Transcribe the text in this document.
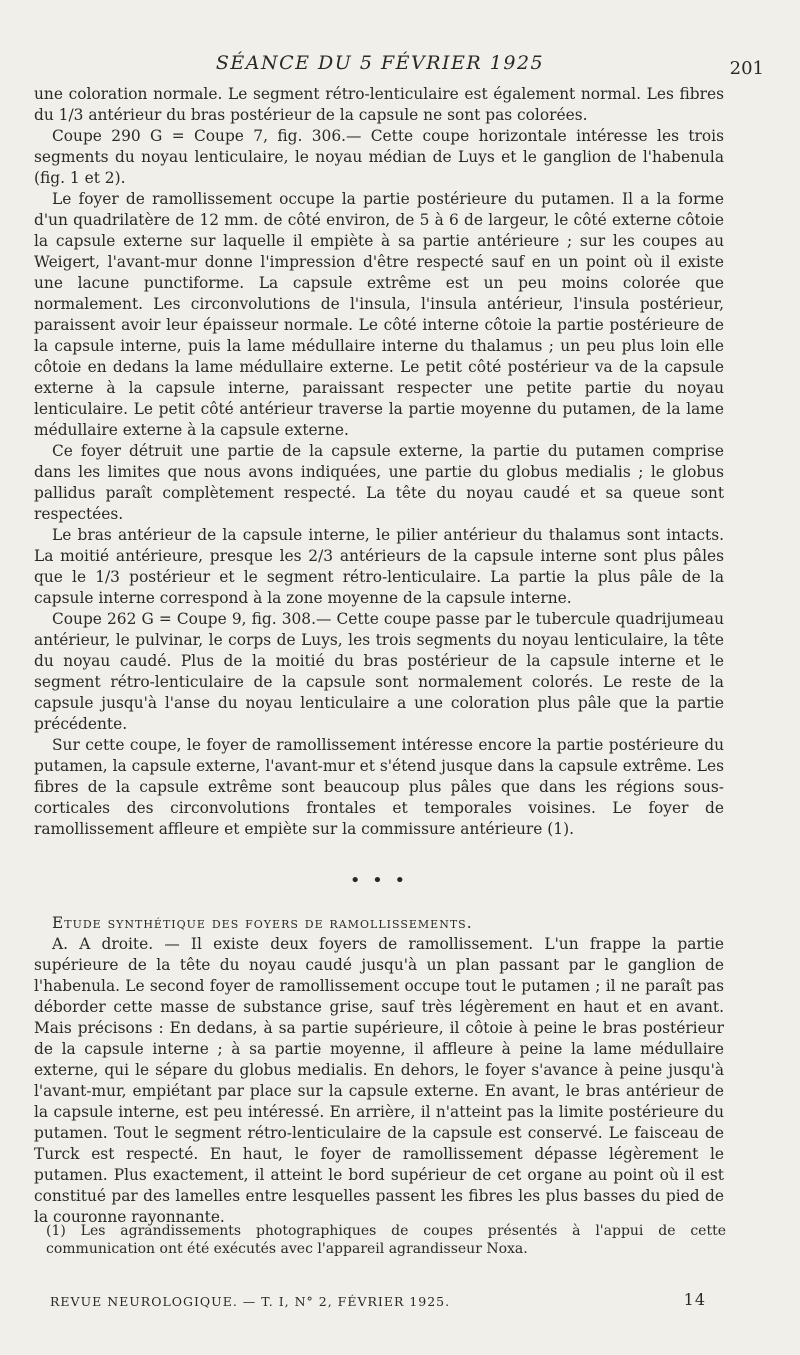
SÉANCE DU 5 FÉVRIER 1925	201

une coloration normale. Le segment rétro-lenticulaire est également normal. Les fibres du 1/3 antérieur du bras postérieur de la capsule ne sont pas colorées.

Coupe 290 G = Coupe 7, fig. 306.— Cette coupe horizontale intéresse les trois segments du noyau lenticulaire, le noyau médian de Luys et le ganglion de l'habenula (fig. 1 et 2).

Le foyer de ramollissement occupe la partie postérieure du putamen. Il a la forme d'un quadrilatère de 12 mm. de côté environ, de 5 à 6 de largeur, le côté externe côtoie la capsule externe sur laquelle il empiète à sa partie antérieure ; sur les coupes au Weigert, l'avant-mur donne l'impression d'être respecté sauf en un point où il existe une lacune punctiforme. La capsule extrême est un peu moins colorée que normalement. Les circonvolutions de l'insula, l'insula antérieur, l'insula postérieur, paraissent avoir leur épaisseur normale. Le côté interne côtoie la partie postérieure de la capsule interne, puis la lame médullaire interne du thalamus ; un peu plus loin elle côtoie en dedans la lame médullaire externe. Le petit côté postérieur va de la capsule externe à la capsule interne, paraissant respecter une petite partie du noyau lenticulaire. Le petit côté antérieur traverse la partie moyenne du putamen, de la lame médullaire externe à la capsule externe.

Ce foyer détruit une partie de la capsule externe, la partie du putamen comprise dans les limites que nous avons indiquées, une partie du globus medialis ; le globus pallidus paraît complètement respecté. La tête du noyau caudé et sa queue sont respectées.

Le bras antérieur de la capsule interne, le pilier antérieur du thalamus sont intacts. La moitié antérieure, presque les 2/3 antérieurs de la capsule interne sont plus pâles que le 1/3 postérieur et le segment rétro-lenticulaire. La partie la plus pâle de la capsule interne correspond à la zone moyenne de la capsule interne.

Coupe 262 G = Coupe 9, fig. 308.— Cette coupe passe par le tubercule quadrijumeau antérieur, le pulvinar, le corps de Luys, les trois segments du noyau lenticulaire, la tête du noyau caudé. Plus de la moitié du bras postérieur de la capsule interne et le segment rétro-lenticulaire de la capsule sont normalement colorés. Le reste de la capsule jusqu'à l'anse du noyau lenticulaire a une coloration plus pâle que la partie précédente.

Sur cette coupe, le foyer de ramollissement intéresse encore la partie postérieure du putamen, la capsule externe, l'avant-mur et s'étend jusque dans la capsule extrême. Les fibres de la capsule extrême sont beaucoup plus pâles que dans les régions sous-corticales des circonvolutions frontales et temporales voisines. Le foyer de ramollissement affleure et empiète sur la commissure antérieure (1).

• • •

Etude synthétique des foyers de ramollissements.

A. A droite. — Il existe deux foyers de ramollissement. L'un frappe la partie supérieure de la tête du noyau caudé jusqu'à un plan passant par le ganglion de l'habenula. Le second foyer de ramollissement occupe tout le putamen ; il ne paraît pas déborder cette masse de substance grise, sauf très légèrement en haut et en avant. Mais précisons : En dedans, à sa partie supérieure, il côtoie à peine le bras postérieur de la capsule interne ; à sa partie moyenne, il affleure à peine la lame médullaire externe, qui le sépare du globus medialis. En dehors, le foyer s'avance à peine jusqu'à l'avant-mur, empiétant par place sur la capsule externe. En avant, le bras antérieur de la capsule interne, est peu intéressé. En arrière, il n'atteint pas la limite postérieure du putamen. Tout le segment rétro-lenticulaire de la capsule est conservé. Le faisceau de Turck est respecté. En haut, le foyer de ramollissement dépasse légèrement le putamen. Plus exactement, il atteint le bord supérieur de cet organe au point où il est constitué par des lamelles entre lesquelles passent les fibres les plus basses du pied de la couronne rayonnante.

(1) Les agrandissements photographiques de coupes présentés à l'appui de cette communication ont été exécutés avec l'appareil agrandisseur Noxa.
REVUE NEUROLOGIQUE. — T. I, N° 2, FÉVRIER 1925.	14
